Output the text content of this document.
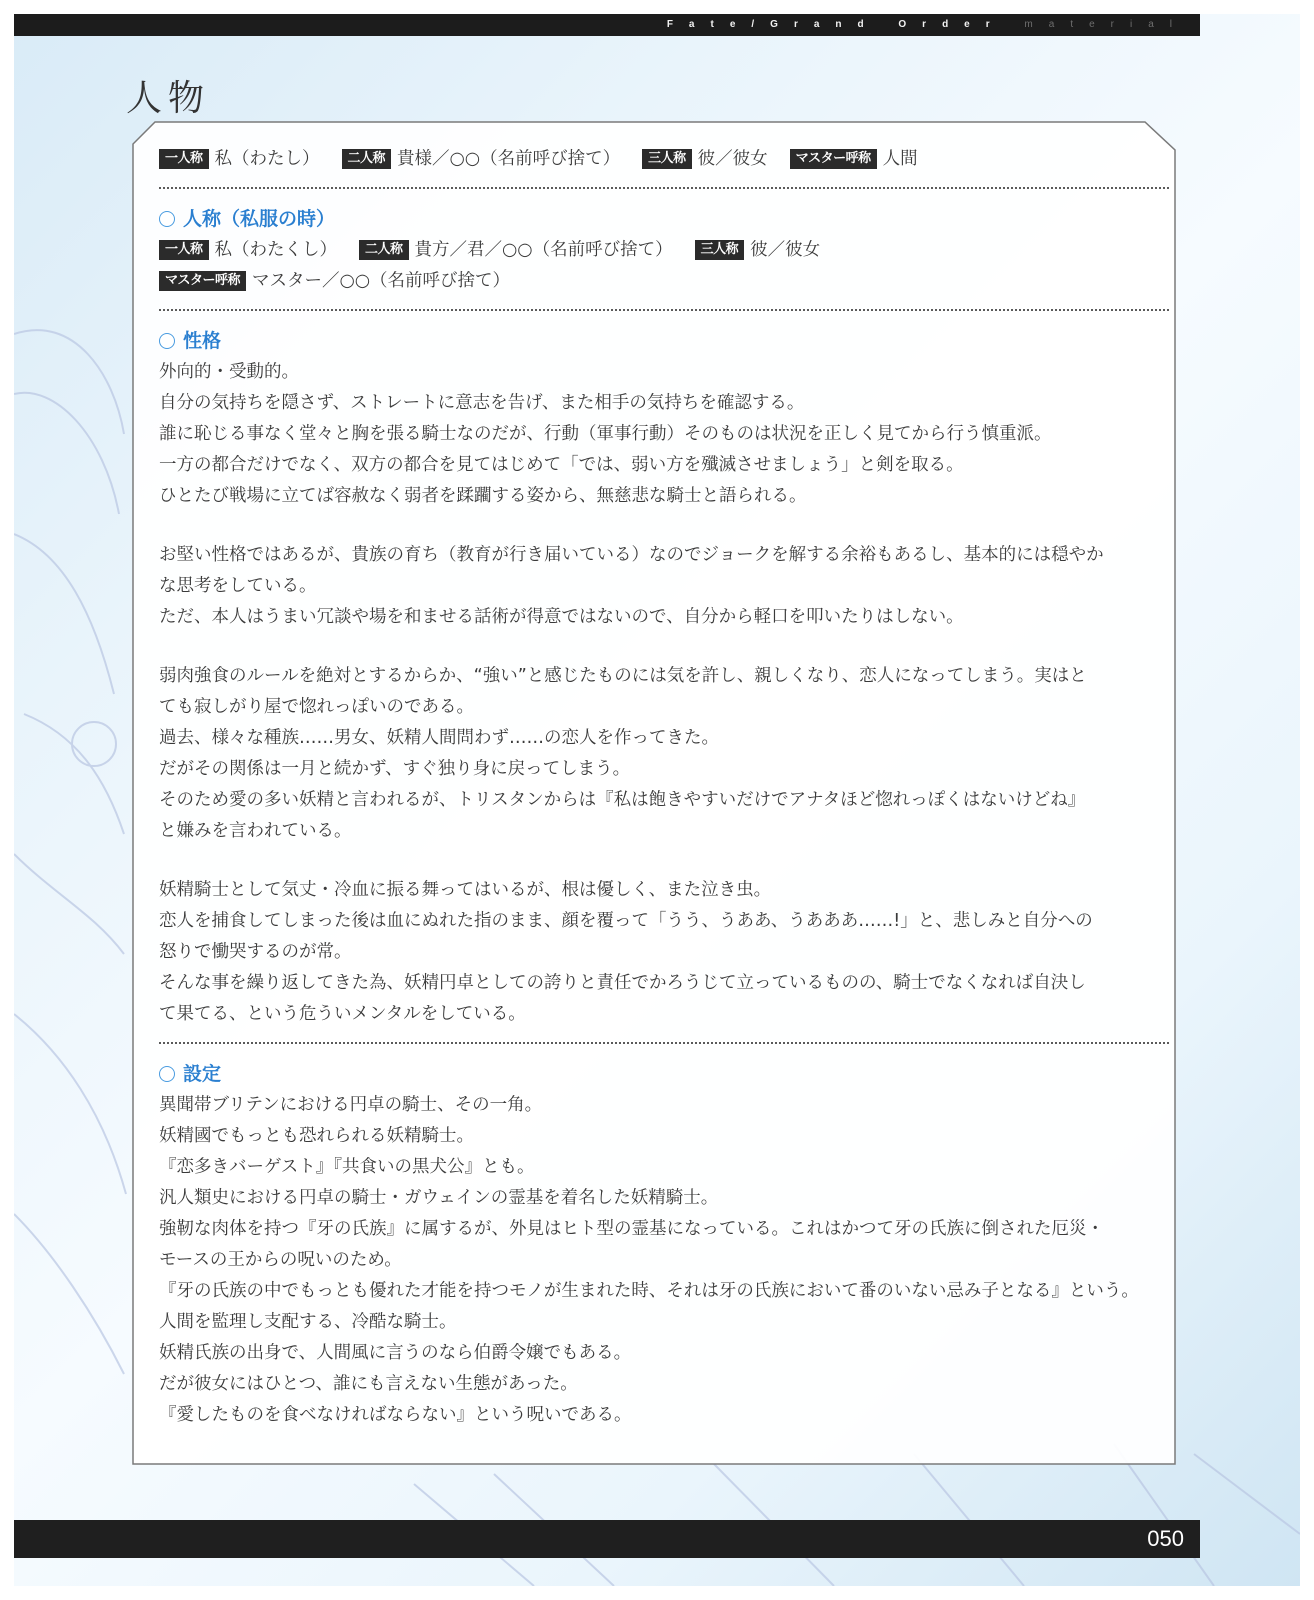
Fate/Grand Order material
人物
一人称 私（わたし） 二人称 貴様／○○（名前呼び捨て） 三人称 彼／彼女 マスター呼称 人間
人称（私服の時）
一人称 私（わたくし） 二人称 貴方／君／○○（名前呼び捨て） 三人称 彼／彼女
マスター呼称 マスター／○○（名前呼び捨て）
性格

外向的・受動的。

自分の気持ちを隠さず、ストレートに意志を告げ、また相手の気持ちを確認する。

誰に恥じる事なく堂々と胸を張る騎士なのだが、行動（軍事行動）そのものは状況を正しく見てから行う慎重派。

一方の都合だけでなく、双方の都合を見てはじめて「では、弱い方を殲滅させましょう」と剣を取る。

ひとたび戦場に立てば容赦なく弱者を蹂躙する姿から、無慈悲な騎士と語られる。

お堅い性格ではあるが、貴族の育ち（教育が行き届いている）なのでジョークを解する余裕もあるし、基本的には穏やか

な思考をしている。

ただ、本人はうまい冗談や場を和ませる話術が得意ではないので、自分から軽口を叩いたりはしない。

弱肉強食のルールを絶対とするからか、“強い”と感じたものには気を許し、親しくなり、恋人になってしまう。実はと

ても寂しがり屋で惚れっぽいのである。

過去、様々な種族……男女、妖精人間問わず……の恋人を作ってきた。

だがその関係は一月と続かず、すぐ独り身に戻ってしまう。

そのため愛の多い妖精と言われるが、トリスタンからは『私は飽きやすいだけでアナタほど惚れっぽくはないけどね』

と嫌みを言われている。

妖精騎士として気丈・冷血に振る舞ってはいるが、根は優しく、また泣き虫。

恋人を捕食してしまった後は血にぬれた指のまま、顔を覆って「うう、うああ、うあああ……!」と、悲しみと自分への

怒りで慟哭するのが常。

そんな事を繰り返してきた為、妖精円卓としての誇りと責任でかろうじて立っているものの、騎士でなくなれば自決し

て果てる、という危ういメンタルをしている。

設定

異聞帯ブリテンにおける円卓の騎士、その一角。

妖精國でもっとも恐れられる妖精騎士。

『恋多きバーゲスト』『共食いの黒犬公』とも。

汎人類史における円卓の騎士・ガウェインの霊基を着名した妖精騎士。

強靭な肉体を持つ『牙の氏族』に属するが、外見はヒト型の霊基になっている。これはかつて牙の氏族に倒された厄災・

モースの王からの呪いのため。

『牙の氏族の中でもっとも優れた才能を持つモノが生まれた時、それは牙の氏族において番のいない忌み子となる』という。

人間を監理し支配する、冷酷な騎士。

妖精氏族の出身で、人間風に言うのなら伯爵令嬢でもある。

だが彼女にはひとつ、誰にも言えない生態があった。

『愛したものを食べなければならない』という呪いである。

050
